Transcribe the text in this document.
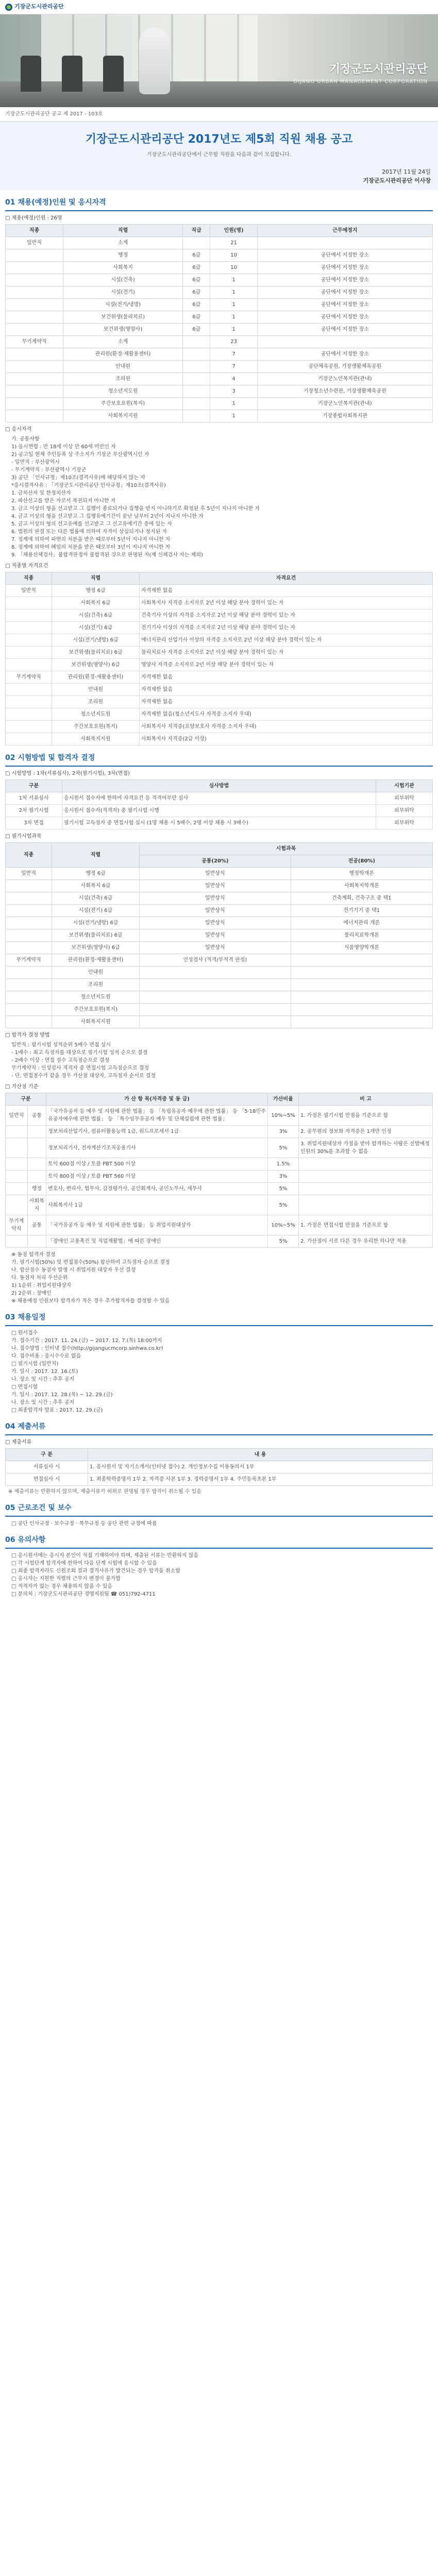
기장군도시관리공단
기장군도시관리공단
GIJANG URBAN MANAGEMENT CORPORATION
기장군도시관리공단 공고 제 2017 - 103호
기장군도시관리공단 2017년도 제5회 직원 채용 공고

기장군도시관리공단에서 근무할 직원을 다음과 같이 모집합니다.

2017년 11월 24일
기장군도시관리공단 이사장
01 채용(예정)인원 및 응시자격
□ 채용(예정)인원 : 26명
직종	직렬	직급	인원(명)	근무예정지
일반직	소계		21	
	행정	6급	10	공단에서 지정한 장소
	사회복지	6급	10	공단에서 지정한 장소
	시설(건축)	6급	1	공단에서 지정한 장소
	시설(전기)	6급	1	공단에서 지정한 장소
	시설(전기/냉방)	6급	1	공단에서 지정한 장소
	보건위생(물리치료)	6급	1	공단에서 지정한 장소
	보건위생(영양사)	6급	1	공단에서 지정한 장소
무기계약직	소계		23	
	관리원(환경·재활용센터)		7	공단에서 지정한 장소
	안내원		7	공단체육공원, 기장생활체육공원
	조리원		4	기장군노인복지관(관내)
	청소년지도원		3	기장청소년수련관, 기장생활체육공원
	주간보호요원(복지)		1	기장군노인복지관(관내)
	사회복지지원		1	기장종합사회복지관
□ 응시자격
가. 공통사항
1) 응시연령 : 만 18세 이상 만 60세 미만인 자
2) 공고일 현재 주민등록 상 주소지가 기장군 부산광역시인 자
- 일반직 : 부산광역시
- 무기계약직 : 부산광역시 기장군
3) 공단 「인사규정」제10조(결격사유)에 해당하지 않는 자
*응시결격사유 : 「기장군도시관리공단 인사규정」제10조(결격사유)
1. 금치산자 및 한정치산자
2. 파산선고를 받은 자로서 복권되지 아니한 자
3. 금고 이상의 형을 선고받고 그 집행이 종료되거나 집행을 받지 아니하기로 확정된 후 5년이 지나지 아니한 자
4. 금고 이상의 형을 선고받고 그 집행유예기간이 끝난 날부터 2년이 지나지 아니한 자
5. 금고 이상의 형의 선고유예를 선고받고 그 선고유예기간 중에 있는 자
6. 법원의 판결 또는 다른 법률에 의하여 자격이 상실되거나 정지된 자
7. 징계에 의하여 파면의 처분을 받은 때로부터 5년이 지나지 아니한 자
8. 징계에 의하여 해임의 처분을 받은 때로부터 3년이 지나지 아니한 자
9. 「채용신체검사」불합격판정자 불합격된 것으로 판명된 자(재 신체검사 자는 제외)
□ 직종별 자격요건
직종	직렬	자격요건
일반직	행정 6급	자격제한 없음
	사회복지 6급	사회복지사 자격증 소지자로 2년 이상 해당 분야 경력이 있는 자
	시설(건축) 6급	건축기사 이상의 자격증 소지자로 2년 이상 해당 분야 경력이 있는 자
	시설(전기) 6급	전기기사 이상의 자격증 소지자로 2년 이상 해당 분야 경력이 있는 자
	시설(전기/냉방) 6급	에너지관리 산업기사 이상의 자격증 소지자로 2년 이상 해당 분야 경력이 있는 자
	보건위생(물리치료) 6급	물리치료사 자격증 소지자로 2년 이상 해당 분야 경력이 있는 자
	보건위생(영양사) 6급	영양사 자격증 소지자로 2년 이상 해당 분야 경력이 있는 자
무기계약직	관리원(환경·재활용센터)	자격제한 없음
	안내원	자격제한 없음
	조리원	자격제한 없음
	청소년지도원	자격제한 없음(청소년지도사 자격증 소지자 우대)
	주간보호요원(복지)	사회복지사 자격증(요양보호사 자격증 소지자 우대)
	사회복지지원	사회복지사 자격증(2급 이상)
02 시험방법 및 합격자 결정
□ 시험방법 : 1차(서류심사), 2차(필기시험), 3차(면접)
구분	심사방법	시험기관
1차 서류심사	응시원서 접수자에 한하여 자격요건 등 적격여부만 심사	외부위탁
2차 필기시험	응시원서 접수자(적격자) 중 필기시험 시행	외부위탁
3차 면접	필기시험 고득점자 중 면접시험 실시 (1명 채용 시 5배수, 2명 이상 채용 시 3배수)	외부위탁
□ 필기시험과목
직종	직렬	시험과목	
		공통(20%)	전공(80%)
일반직	행정 6급	일반상식	행정학개론
	사회복지 6급	일반상식	사회복지학개론
	시설(건축) 6급	일반상식	건축계획, 건축구조 중 택1
	시설(전기) 6급	일반상식	전기기기 중 택1
	시설(전기/냉방) 6급	일반상식	에너지관리 개론
	보건위생(물리치료) 6급	일반상식	물리치료학개론
	보건위생(영양사) 6급	일반상식	식품영양학개론
무기계약직	관리원(환경·재활용센터)	인성검사 (적격/부적격 판정)	
	안내원		
	조리원		
	청소년지도원		
	주간보호요원(복지)		
	사회복지지원		
□ 합격자 결정 방법
일반직 : 필기시험 성적순위 5배수 면접 실시
- 1배수 : 최고 득점자를 대상으로 필기시험 성적 순으로 결정
- 2배수 이상 : 면접 점수 고득점순으로 결정
무기계약직 : 인성검사 적격자 중 면접시험 고득점순으로 결정
- 단, 면접점수가 같을 경우 가산점 대상자, 고득점자 순서로 결정
□ 가산점 기준
구분		가 산 항 목(자격증 및 동 급)	가산비율	비 고
일반직	공통	「국가유공자 등 예우 및 지원에 관한 법률」 등 「독립유공자 예우에 관한 법률」 등 「5·18민주유공자예우에 관한 법률」 등 「특수임무유공자 예우 및 단체설립에 관한 법률」	10%~5%	1. 가점은 필기시험 만점을 기준으로 함
		정보처리산업기사, 컴퓨터활용능력 1급, 워드프로세서 1급	3%	2. 공무원의 정보화 자격증은 1개만 인정
		정보처리기사, 전자계산기조직응용기사	5%	3. 취업지원대상자 가점을 받아 합격하는 사람은 선발예정 인원의 30%를 초과할 수 없음
		토익 600점 이상 / 토플 PBT 500 이상	1.5%	
		토익 800점 이상 / 토플 PBT 560 이상	3%	
	행정	변호사, 변리사, 법무사, 감정평가사, 공인회계사, 공인노무사, 세무사	5%	
	사회복지	사회복지사 1급	5%	
무기계약직	공통	「국가유공자 등 예우 및 지원에 관한 법률」 등 취업지원대상자	10%~5%	1. 가점은 면접시험 만점을 기준으로 함
		「장애인 고용촉진 및 직업재활법」에 따른 장애인	5%	2. 가산점이 서로 다른 경우 유리한 하나만 적용
※ 동점 합격자 결정
가. 필기시험(50%) 및 면접점수(50%) 합산하여 고득점자 순으로 결정
나. 합산점수 동점자 발생 시 취업지원 대상자 우선 결정
다. 동점자 처리 우선순위
1) 1순위 : 취업지원대상자
2) 2순위 : 장애인
※ 채용예정 인원보다 합격자가 적은 경우 추가합격자를 결정할 수 있음
03 채용일정
□ 원서접수
가. 접수기간 : 2017. 11. 24.(금) ~ 2017. 12. 7.(목) 18:00까지
나. 접수방법 : 인터넷 접수(http://gijangucmcorp.sinhwa.co.kr)
다. 접수비용 : 응시수수료 없음
□ 필기시험 (일반직)
가. 일시 : 2017. 12. 16.(토)
나. 장소 및 시간 : 추후 공지
□ 면접시험
가. 일시 : 2017. 12. 28.(목) ~ 12. 29.(금)
나. 장소 및 시간 : 추후 공지
□ 최종합격자 발표 : 2017. 12. 29.(금)
04 제출서류
□ 제출서류
구 분	내 용
서류심사 시	1. 응시원서 및 자기소개서(인터넷 접수) 2. 개인정보수집 이용동의서 1부
면접심사 시	1. 최종학력증명서 1부 2. 자격증 사본 1부 3. 경력증명서 1부 4. 주민등록초본 1부
※ 제출서류는 반환하지 않으며, 제출서류가 허위로 판명될 경우 합격이 취소될 수 있음
05 근로조건 및 보수
□ 공단 인사규정 · 보수규정 · 복무규정 등 공단 관련 규정에 따름
06 유의사항
□ 응시원서에는 응시자 본인이 직접 기재하여야 하며, 제출된 서류는 반환하지 않음
□ 각 시험단계 합격자에 한하여 다음 단계 시험에 응시할 수 있음
□ 최종 합격자라도 신원조회 결과 결격사유가 발견되는 경우 합격을 취소함
□ 응시자는 지원한 직렬의 근무지 변경이 불가함
□ 적격자가 없는 경우 채용하지 않을 수 있음
□ 문의처 : 기장군도시관리공단 경영지원팀 ☎ 051)792-4711
